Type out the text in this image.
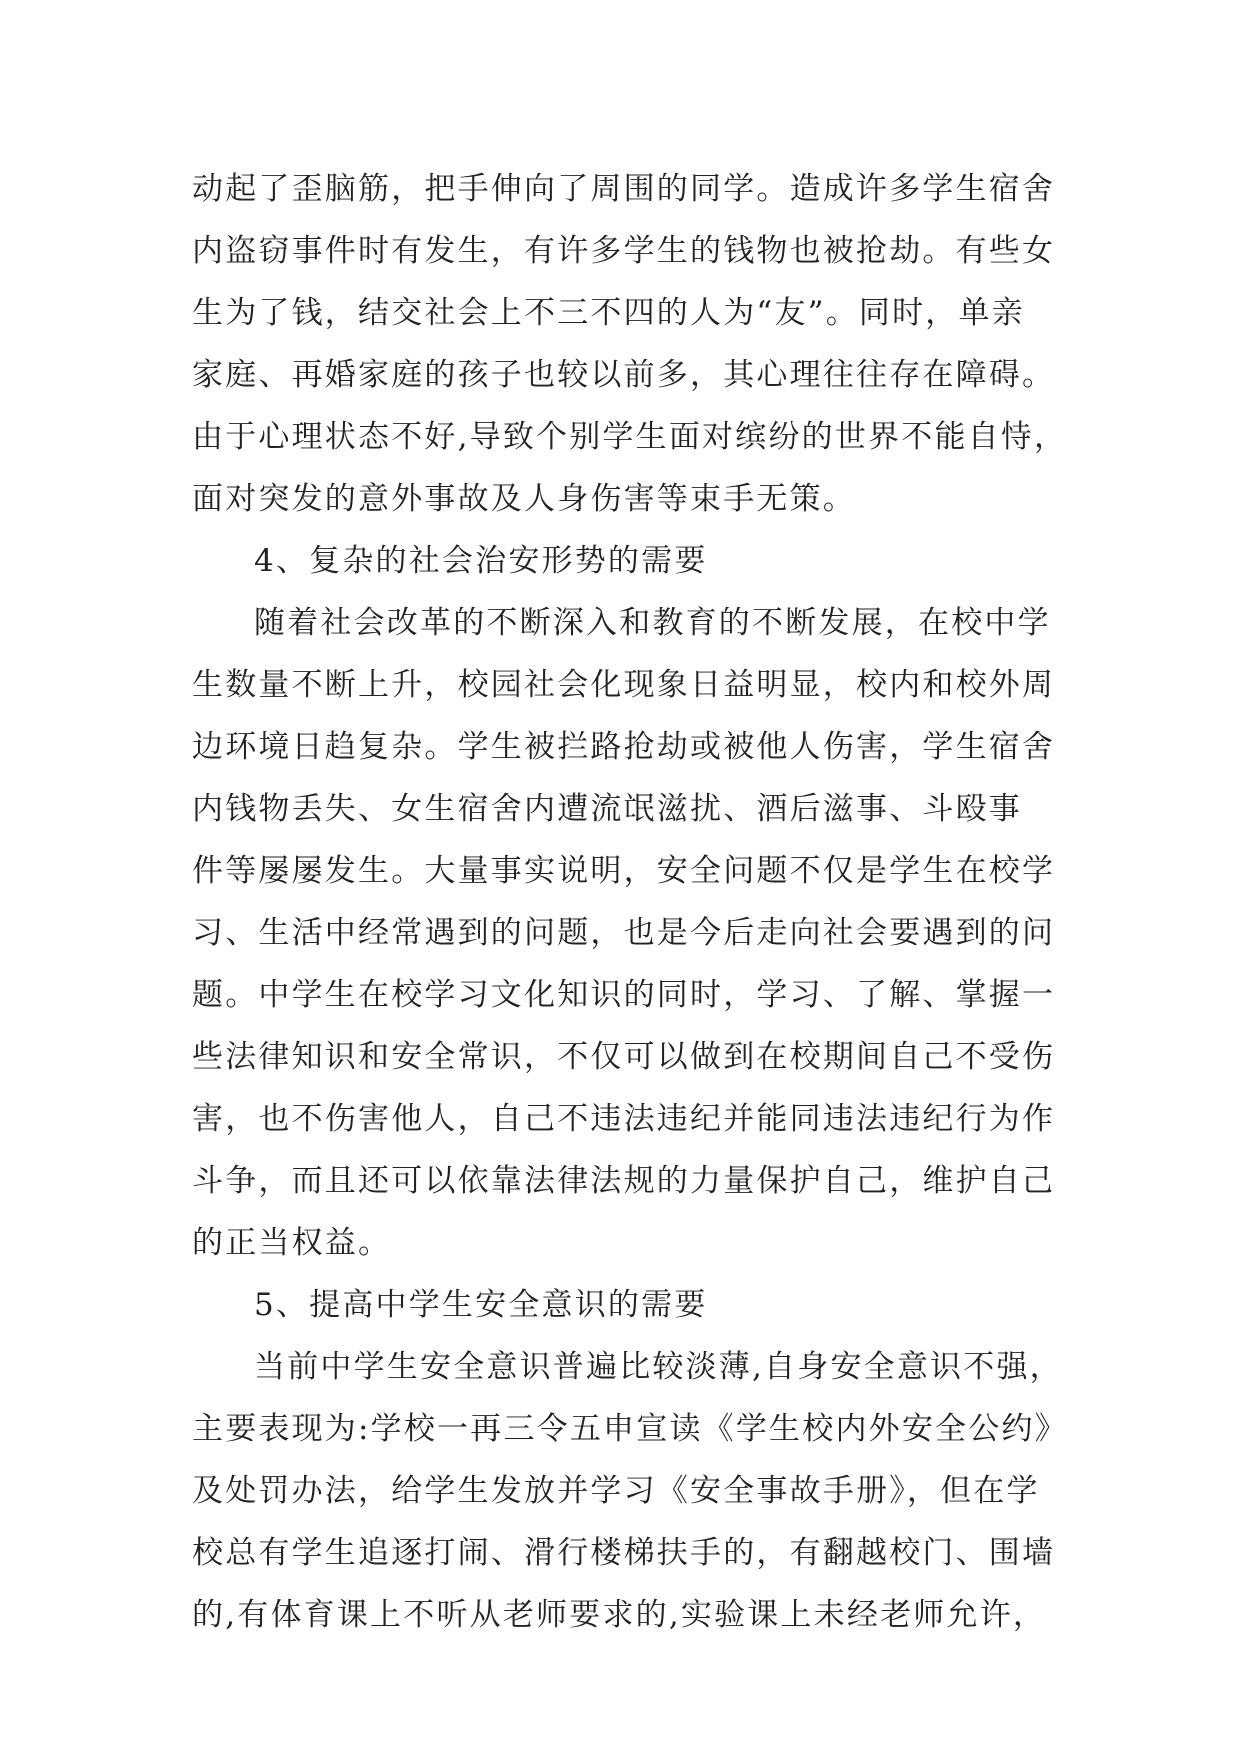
动起了歪脑筋，把手伸向了周围的同学。造成许多学生宿舍
内盗窃事件时有发生，有许多学生的钱物也被抢劫。有些女
生为了钱，结交社会上不三不四的人为“友”。同时，单亲
家庭、再婚家庭的孩子也较以前多，其心理往往存在障碍。
由于心理状态不好,导致个别学生面对缤纷的世界不能自恃，
面对突发的意外事故及人身伤害等束手无策。
4、复杂的社会治安形势的需要
随着社会改革的不断深入和教育的不断发展，在校中学
生数量不断上升，校园社会化现象日益明显，校内和校外周
边环境日趋复杂。学生被拦路抢劫或被他人伤害，学生宿舍
内钱物丢失、女生宿舍内遭流氓滋扰、酒后滋事、斗殴事
件等屡屡发生。大量事实说明，安全问题不仅是学生在校学
习、生活中经常遇到的问题，也是今后走向社会要遇到的问
题。中学生在校学习文化知识的同时，学习、了解、掌握一
些法律知识和安全常识，不仅可以做到在校期间自己不受伤
害，也不伤害他人，自己不违法违纪并能同违法违纪行为作
斗争，而且还可以依靠法律法规的力量保护自己，维护自己
的正当权益。
5、提高中学生安全意识的需要
当前中学生安全意识普遍比较淡薄,自身安全意识不强，
主要表现为:学校一再三令五申宣读《学生校内外安全公约》
及处罚办法，给学生发放并学习《安全事故手册》，但在学
校总有学生追逐打闹、滑行楼梯扶手的，有翻越校门、围墙
的,有体育课上不听从老师要求的,实验课上未经老师允许，
